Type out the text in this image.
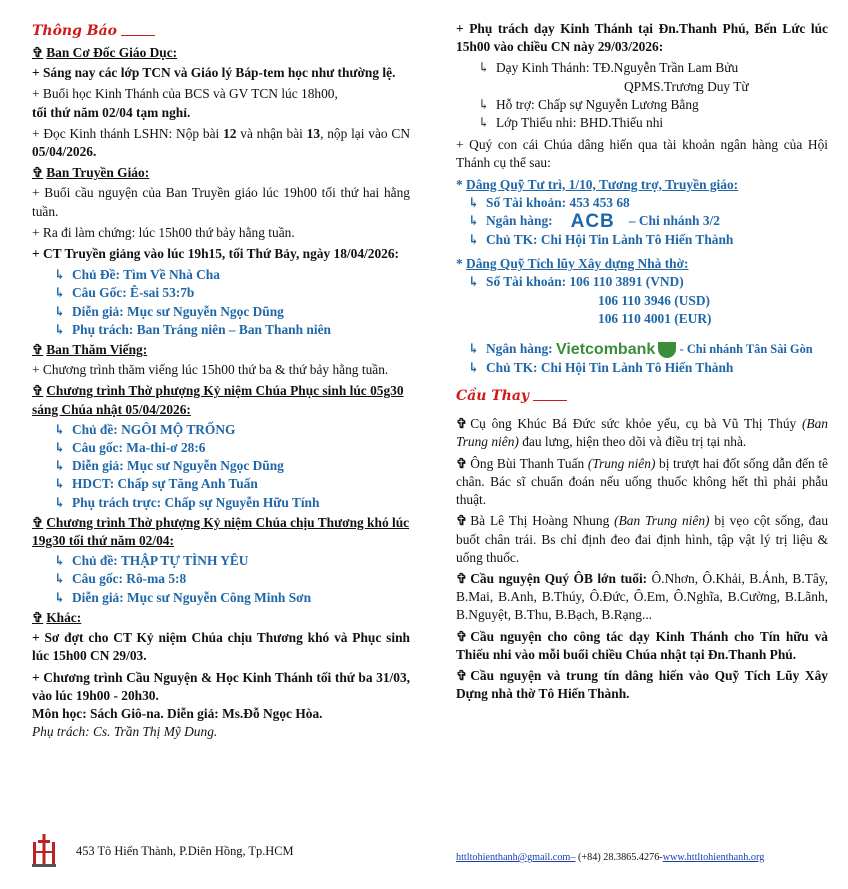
Thông Báo
✞ Ban Cơ Đốc Giáo Dục:
+ Sáng nay các lớp TCN và Giáo lý Báp-tem học như thường lệ.
+ Buổi học Kinh Thánh của BCS và GV TCN lúc 18h00,
tối thứ năm 02/04 tạm nghỉ.
+ Đọc Kinh thánh LSHN: Nộp bài 12 và nhận bài 13, nộp lại vào CN 05/04/2026.
✞ Ban Truyền Giáo:
+ Buổi cầu nguyện của Ban Truyền giáo lúc 19h00 tối thứ hai hằng tuần.
+ Ra đi làm chứng: lúc 15h00 thứ bảy hằng tuần.
+ CT Truyền giảng vào lúc 19h15, tối Thứ Bảy, ngày 18/04/2026:
↳ Chủ Đề: Tìm Về Nhà Cha
↳ Câu Gốc: Ê-sai 53:7b
↳ Diễn giả: Mục sư Nguyễn Ngọc Dũng
↳ Phụ trách: Ban Tráng niên – Ban Thanh niên
✞ Ban Thăm Viếng:
+ Chương trình thăm viếng lúc 15h00 thứ ba & thứ bảy hằng tuần.
✞ Chương trình Thờ phượng Kỷ niệm Chúa Phục sinh lúc 05g30 sáng Chúa nhật 05/04/2026:
↳ Chủ đề: NGÔI MỘ TRỐNG
↳ Câu gốc: Ma-thi-ơ 28:6
↳ Diễn giả: Mục sư Nguyễn Ngọc Dũng
↳ HDCT: Chấp sự Tăng Anh Tuấn
↳ Phụ trách trực: Chấp sự Nguyễn Hữu Tính
✞ Chương trình Thờ phượng Kỷ niệm Chúa chịu Thương khó lúc 19g30 tối thứ năm 02/04:
↳ Chủ đề: THẬP TỰ TÌNH YÊU
↳ Câu gốc: Rô-ma 5:8
↳ Diễn giả: Mục sư Nguyễn Công Minh Sơn
✞ Khác:
+ Sơ đợt cho CT Kỷ niệm Chúa chịu Thương khó và Phục sinh lúc 15h00 CN 29/03.
+ Chương trình Cầu Nguyện & Học Kinh Thánh tối thứ ba 31/03, vào lúc 19h00 - 20h30.
Môn học: Sách Giô-na. Diễn giả: Ms.Đỗ Ngọc Hòa.
Phụ trách: Cs. Trần Thị Mỹ Dung.
+ Phụ trách dạy Kinh Thánh tại Đn.Thanh Phú, Bến Lức lúc 15h00 vào chiều CN này 29/03/2026:
↳ Dạy Kinh Thánh: TĐ.Nguyễn Trần Lam Bửu
QPMS.Trương Duy Từ
↳ Hỗ trợ: Chấp sự Nguyễn Lương Bằng
↳ Lớp Thiếu nhi: BHD.Thiếu nhi
+ Quý con cái Chúa dâng hiến qua tài khoản ngân hàng của Hội Thánh cụ thể sau:
* Dâng Quỹ Tư trì, 1/10, Tương trợ, Truyền giáo:
↳ Số Tài khoản: 453 453 68
↳ Ngân hàng: ACB – Chi nhánh 3/2
↳ Chủ TK: Chi Hội Tin Lành Tô Hiến Thành
* Dâng Quỹ Tích lũy Xây dựng Nhà thờ:
↳ Số Tài khoản: 106 110 3891 (VND)
106 110 3946 (USD)
106 110 4001 (EUR)
↳ Ngân hàng: Vietcombank - Chi nhánh Tân Sài Gòn
↳ Chủ TK: Chi Hội Tin Lành Tô Hiến Thành
Cầu Thay
✞ Cụ ông Khúc Bá Đức sức khỏe yếu, cụ bà Vũ Thị Thúy (Ban Trung niên) đau lưng, hiện theo dõi và điều trị tại nhà.
✞ Ông Bùi Thanh Tuấn (Trung niên) bị trượt hai đốt sống dẫn đến tê chân. Bác sĩ chuẩn đoán nếu uống thuốc không hết thì phải phẫu thuật.
✞ Bà Lê Thị Hoàng Nhung (Ban Trung niên) bị vẹo cột sống, đau buốt chân trái. Bs chỉ định đeo đai định hình, tập vật lý trị liệu & uống thuốc.
✞ Cầu nguyện Quý ÔB lớn tuổi: Ô.Nhơn, Ô.Khải, B.Ánh, B.Tây, B.Mai, B.Anh, B.Thúy, Ô.Đức, Ô.Em, Ô.Nghĩa, B.Cường, B.Lãnh, B.Nguyệt, B.Thu, B.Bạch, B.Rạng...
✞ Cầu nguyện cho công tác dạy Kinh Thánh cho Tín hữu và Thiếu nhi vào mỗi buổi chiều Chúa nhật tại Đn.Thanh Phú.
✞ Cầu nguyện và trung tín dâng hiến vào Quỹ Tích Lũy Xây Dựng nhà thờ Tô Hiến Thành.
453 Tô Hiến Thành, P.Diên Hồng, Tp.HCM	httltohienthanh@gmail.com– (+84) 28.3865.4276-www.httltohienthanh.org
